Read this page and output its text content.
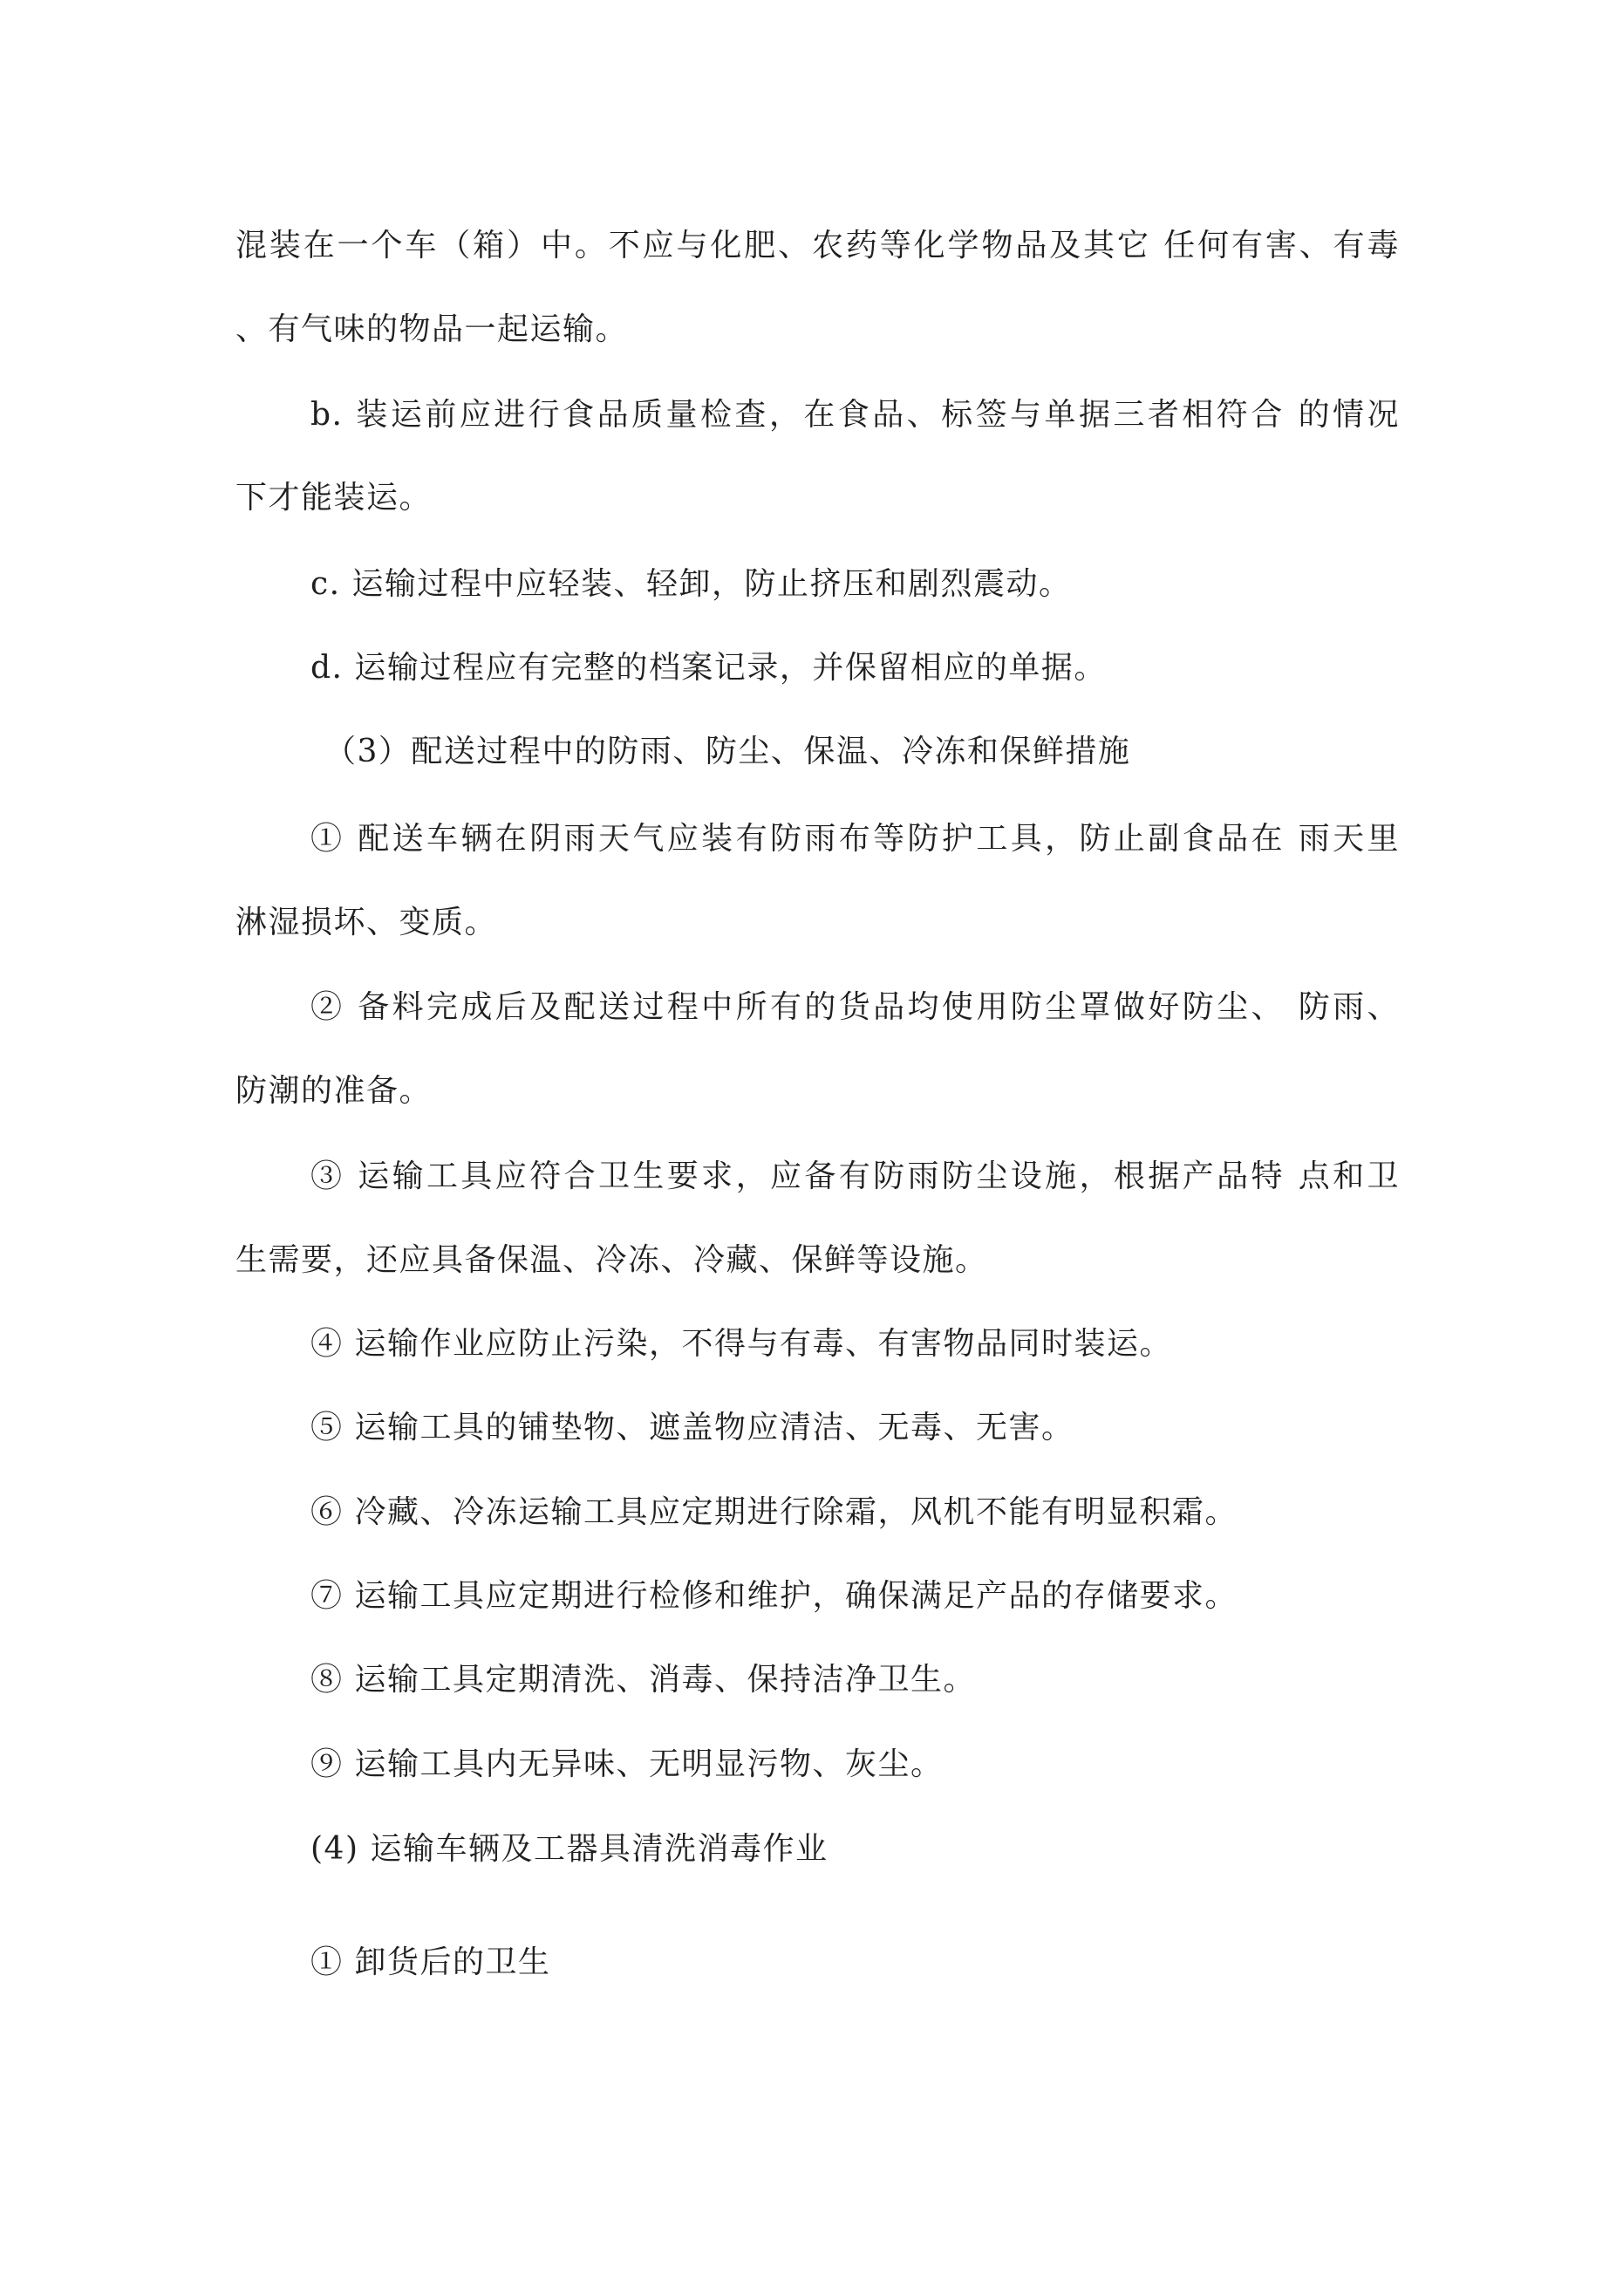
混装在一个车（箱）中。不应与化肥、农药等化学物品及其它 任何有害、有毒
、有气味的物品一起运输。
b. 装运前应进行食品质量检查，在食品、标签与单据三者相符合 的情况
下才能装运。
c. 运输过程中应轻装、轻卸，防止挤压和剧烈震动。
d. 运输过程应有完整的档案记录，并保留相应的单据。
（3）配送过程中的防雨、防尘、保温、冷冻和保鲜措施
① 配送车辆在阴雨天气应装有防雨布等防护工具，防止副食品在 雨天里
淋湿损坏、变质。
② 备料完成后及配送过程中所有的货品均使用防尘罩做好防尘、 防雨、
防潮的准备。
③ 运输工具应符合卫生要求，应备有防雨防尘设施，根据产品特 点和卫
生需要，还应具备保温、冷冻、冷藏、保鲜等设施。
④ 运输作业应防止污染，不得与有毒、有害物品同时装运。
⑤ 运输工具的铺垫物、遮盖物应清洁、无毒、无害。
⑥ 冷藏、冷冻运输工具应定期进行除霜，风机不能有明显积霜。
⑦ 运输工具应定期进行检修和维护，确保满足产品的存储要求。
⑧ 运输工具定期清洗、消毒、保持洁净卫生。
⑨ 运输工具内无异味、无明显污物、灰尘。
(4) 运输车辆及工器具清洗消毒作业
① 卸货后的卫生
